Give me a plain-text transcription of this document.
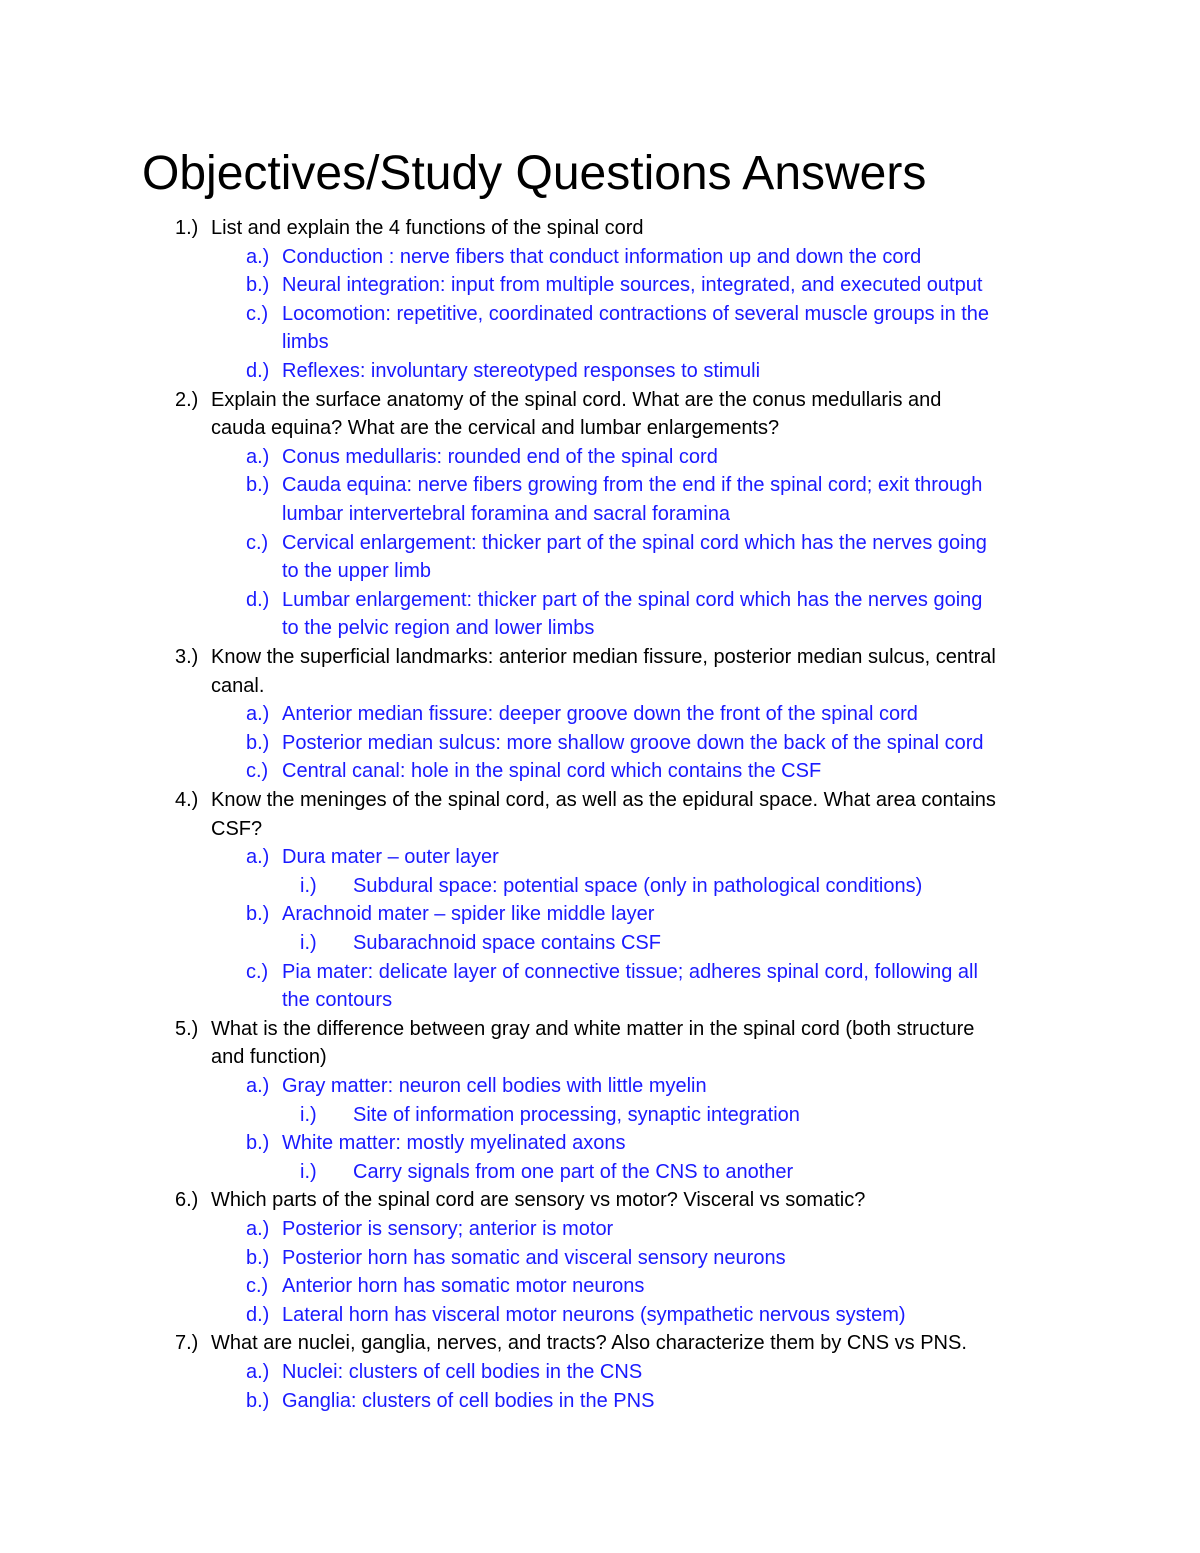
Objectives/Study Questions Answers
1.) List and explain the 4 functions of the spinal cord
a.) Conduction : nerve fibers that conduct information up and down the cord
b.) Neural integration: input from multiple sources, integrated, and executed output
c.) Locomotion: repetitive, coordinated contractions of several muscle groups in the
limbs
d.) Reflexes: involuntary stereotyped responses to stimuli
2.) Explain the surface anatomy of the spinal cord. What are the conus medullaris and
cauda equina? What are the cervical and lumbar enlargements?
a.) Conus medullaris: rounded end of the spinal cord
b.) Cauda equina: nerve fibers growing from the end if the spinal cord; exit through
lumbar intervertebral foramina and sacral foramina
c.) Cervical enlargement: thicker part of the spinal cord which has the nerves going
to the upper limb
d.) Lumbar enlargement: thicker part of the spinal cord which has the nerves going
to the pelvic region and lower limbs
3.) Know the superficial landmarks: anterior median fissure, posterior median sulcus, central
canal.
a.) Anterior median fissure: deeper groove down the front of the spinal cord
b.) Posterior median sulcus: more shallow groove down the back of the spinal cord
c.) Central canal: hole in the spinal cord which contains the CSF
4.) Know the meninges of the spinal cord, as well as the epidural space. What area contains
CSF?
a.) Dura mater – outer layer
i.) Subdural space: potential space (only in pathological conditions)
b.) Arachnoid mater – spider like middle layer
i.) Subarachnoid space contains CSF
c.) Pia mater: delicate layer of connective tissue; adheres spinal cord, following all
the contours
5.) What is the difference between gray and white matter in the spinal cord (both structure
and function)
a.) Gray matter: neuron cell bodies with little myelin
i.) Site of information processing, synaptic integration
b.) White matter: mostly myelinated axons
i.) Carry signals from one part of the CNS to another
6.) Which parts of the spinal cord are sensory vs motor? Visceral vs somatic?
a.) Posterior is sensory; anterior is motor
b.) Posterior horn has somatic and visceral sensory neurons
c.) Anterior horn has somatic motor neurons
d.) Lateral horn has visceral motor neurons (sympathetic nervous system)
7.) What are nuclei, ganglia, nerves, and tracts? Also characterize them by CNS vs PNS.
a.) Nuclei: clusters of cell bodies in the CNS
b.) Ganglia: clusters of cell bodies in the PNS
